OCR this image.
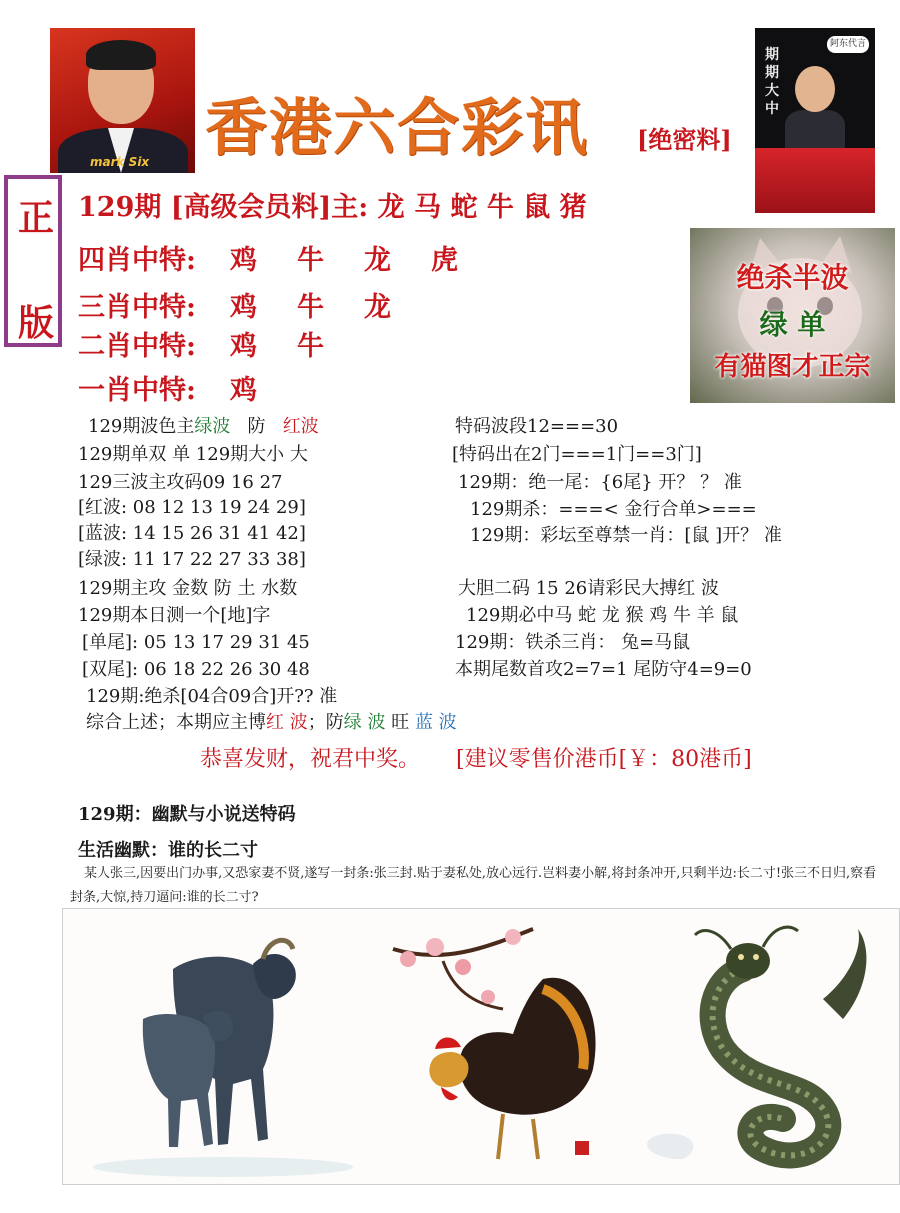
mark Six 香港六合彩讯 [绝密料]
期期大中
阿东代言
正
版
129期 [高级会员料]主: 龙 马 蛇 牛 鼠 猪
四肖中特: 鸡 牛 龙 虎
三肖中特: 鸡 牛 龙
二肖中特: 鸡 牛
一肖中特: 鸡
绝杀半波
绿 单
有猫图才正宗
129期波色主绿波 防 红波
129期单双 单 129期大小 大
129三波主攻码09 16 27
[红波: 08 12 13 19 24 29]
[蓝波: 14 15 26 31 41 42]
[绿波: 11 17 22 27 33 38]
129期主攻 金数 防 土 水数
129期本日测一个[地]字
[单尾]: 05 13 17 29 31 45
[双尾]: 06 18 22 26 30 48
129期:绝杀[04合09合]开?? 准
综合上述；本期应主博红 波；防绿 波 旺 蓝 波
特码波段12===30
[特码出在2门===1门==3门]
129期：绝一尾：{6尾} 开？ ？ 准
129期杀：===< 金行合单>===
129期：彩坛至尊禁一肖：[鼠 ]开？ 准
大胆二码 15 26请彩民大搏红 波
129期必中马 蛇 龙 猴 鸡 牛 羊 鼠
129期：铁杀三肖： 兔=马鼠
本期尾数首攻2=7=1 尾防守4=9=0
恭喜发财，祝君中奖。 [建议零售价港币[￥：80港币]
129期：幽默与小说送特码
生活幽默：谁的长二寸
某人张三,因要出门办事,又恐家妻不贤,遂写一封条:张三封.贴于妻私处,放心远行.岂料妻小解,将封条冲开,只剩半边:长二寸!张三不日归,察看封条,大惊,持刀逼问:谁的长二寸?
